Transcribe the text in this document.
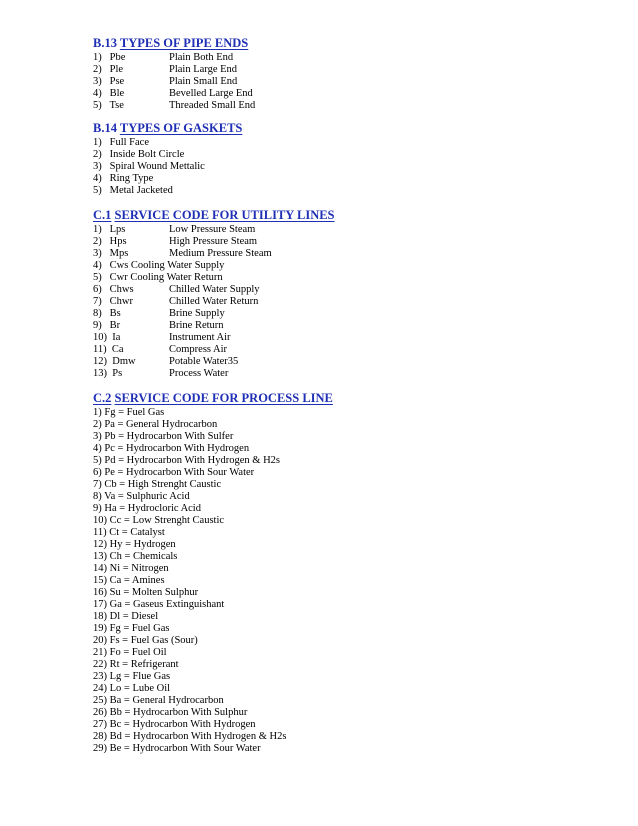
B.13 TYPES OF PIPE ENDS
1) Pbe	Plain Both End
2) Ple	Plain Large End
3) Pse	Plain Small End
4) Ble	Bevelled Large End
5) Tse	Threaded Small End
B.14 TYPES OF GASKETS
1) Full Face
2) Inside Bolt Circle
3) Spiral Wound Mettalic
4) Ring Type
5) Metal Jacketed
C.1 SERVICE CODE FOR UTILITY LINES
1) Lps	Low Pressure Steam
2) Hps	High Pressure Steam
3) Mps	Medium Pressure Steam
4) Cws Cooling Water Supply
5) Cwr Cooling Water Return
6) Chws	Chilled Water Supply
7) Chwr	Chilled Water Return
8) Bs	Brine Supply
9) Br	Brine Return
10) Ia	Instrument Air
11) Ca	Compress Air
12) Dmw	Potable Water35
13) Ps	Process Water
C.2 SERVICE CODE FOR PROCESS LINE
1) Fg = Fuel Gas
2) Pa = General Hydrocarbon
3) Pb = Hydrocarbon With Sulfer
4) Pc = Hydrocarbon With Hydrogen
5) Pd = Hydrocarbon With Hydrogen & H2s
6) Pe = Hydrocarbon With Sour Water
7) Cb = High Strenght Caustic
8) Va = Sulphuric Acid
9) Ha = Hydrocloric Acid
10) Cc = Low Strenght Caustic
11) Ct = Catalyst
12) Hy = Hydrogen
13) Ch = Chemicals
14) Ni = Nitrogen
15) Ca = Amines
16) Su = Molten Sulphur
17) Ga = Gaseus Extinguishant
18) Dl = Diesel
19) Fg = Fuel Gas
20) Fs = Fuel Gas (Sour)
21) Fo = Fuel Oil
22) Rt = Refrigerant
23) Lg = Flue Gas
24) Lo = Lube Oil
25) Ba = General Hydrocarbon
26) Bb = Hydrocarbon With Sulphur
27) Bc = Hydrocarbon With Hydrogen
28) Bd = Hydrocarbon With Hydrogen & H2s
29) Be = Hydrocarbon With Sour Water
